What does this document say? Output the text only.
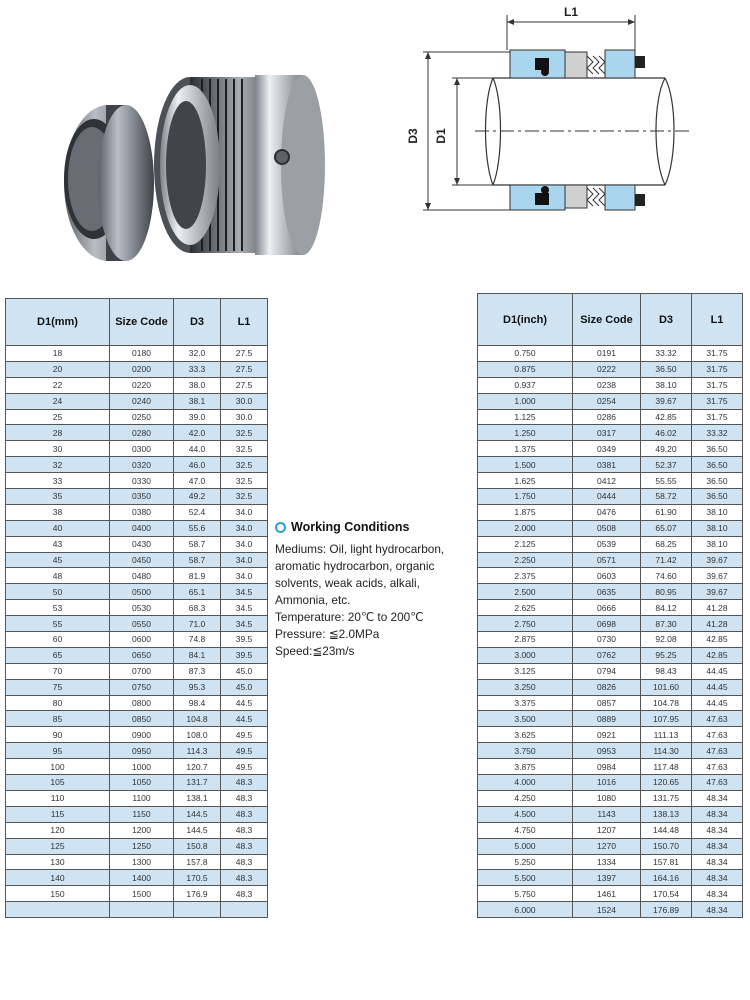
L1
D3 D1
D1(mm)	Size Code	D3	L1
18	0180	32.0	27.5
20	0200	33.3	27.5
22	0220	38.0	27.5
24	0240	38.1	30.0
25	0250	39.0	30.0
28	0280	42.0	32.5
30	0300	44.0	32.5
32	0320	46.0	32.5
33	0330	47.0	32.5
35	0350	49.2	32.5
38	0380	52.4	34.0
40	0400	55.6	34.0
43	0430	58.7	34.0
45	0450	58.7	34.0
48	0480	81.9	34.0
50	0500	65.1	34.5
53	0530	68.3	34.5
55	0550	71.0	34.5
60	0600	74.8	39.5
65	0650	84.1	39.5
70	0700	87.3	45.0
75	0750	95.3	45.0
80	0800	98.4	44.5
85	0850	104.8	44.5
90	0900	108.0	49.5
95	0950	114.3	49.5
100	1000	120.7	49.5
105	1050	131.7	48.3
110	1100	138.1	48.3
115	1150	144.5	48.3
120	1200	144.5	48.3
125	1250	150.8	48.3
130	1300	157.8	48.3
140	1400	170.5	48.3
150	1500	176.9	48.3

Working Conditions

Mediums: Oil, light hydrocarbon, aromatic hydrocarbon, organic solvents, weak acids, alkali, Ammonia, etc.

Temperature: 20℃ to 200℃

Pressure: ≦2.0MPa

Speed:≦23m/s

D1(inch)	Size Code	D3	L1
0.750	0191	33.32	31.75
0.875	0222	36.50	31.75
0.937	0238	38.10	31.75
1.000	0254	39.67	31.75
1.125	0286	42.85	31.75
1.250	0317	46.02	33.32
1.375	0349	49.20	36.50
1.500	0381	52.37	36.50
1.625	0412	55.55	36.50
1.750	0444	58.72	36.50
1.875	0476	61.90	38.10
2.000	0508	65.07	38.10
2.125	0539	68.25	38.10
2.250	0571	71.42	39.67
2.375	0603	74.60	39.67
2.500	0635	80.95	39.67
2.625	0666	84.12	41.28
2.750	0698	87.30	41.28
2.875	0730	92.08	42.85
3.000	0762	95.25	42.85
3.125	0794	98.43	44.45
3.250	0826	101.60	44.45
3.375	0857	104.78	44.45
3.500	0889	107.95	47.63
3.625	0921	111.13	47.63
3.750	0953	114.30	47.63
3.875	0984	117.48	47.63
4.000	1016	120.65	47.63
4.250	1080	131.75	48.34
4.500	1143	138.13	48.34
4.750	1207	144.48	48.34
5.000	1270	150.70	48.34
5.250	1334	157.81	48.34
5.500	1397	164.16	48.34
5.750	1461	170.54	48.34
6.000	1524	176.89	48.34
